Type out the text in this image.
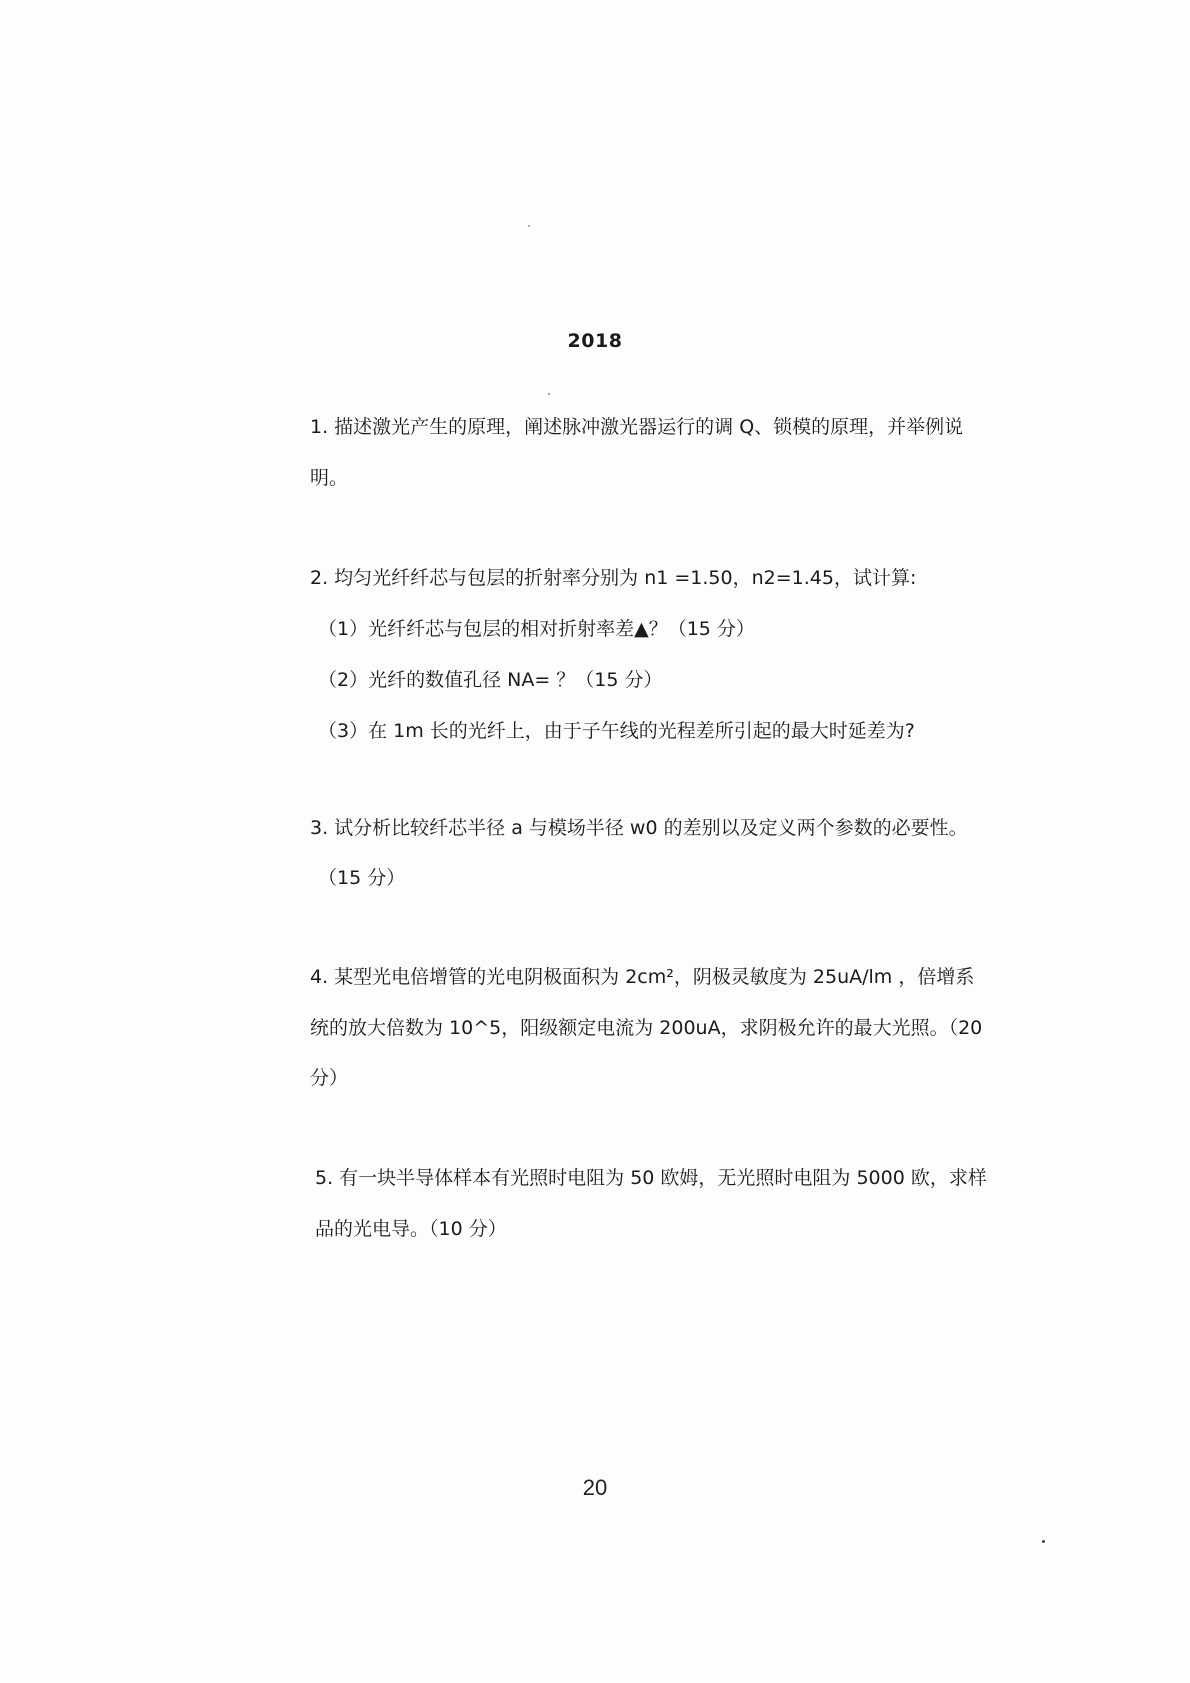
2018
1. 描述激光产生的原理，阐述脉冲激光器运行的调 Q、锁模的原理，并举例说
明。
2. 均匀光纤纤芯与包层的折射率分别为 n1 =1.50，n2=1.45，试计算:
（1）光纤纤芯与包层的相对折射率差▲？（15 分）
（2）光纤的数值孔径 NA= ？（15 分）
（3）在 1m 长的光纤上，由于子午线的光程差所引起的最大时延差为?
3. 试分析比较纤芯半径 a 与模场半径 w0 的差别以及定义两个参数的必要性。
（15 分）
4. 某型光电倍增管的光电阴极面积为 2cm²，阴极灵敏度为 25uA/lm ，倍增系
统的放大倍数为 10^5，阳级额定电流为 200uA，求阴极允许的最大光照。（20
分）
5. 有一块半导体样本有光照时电阻为 50 欧姆，无光照时电阻为 5000 欧，求样
品的光电导。（10 分）
20
